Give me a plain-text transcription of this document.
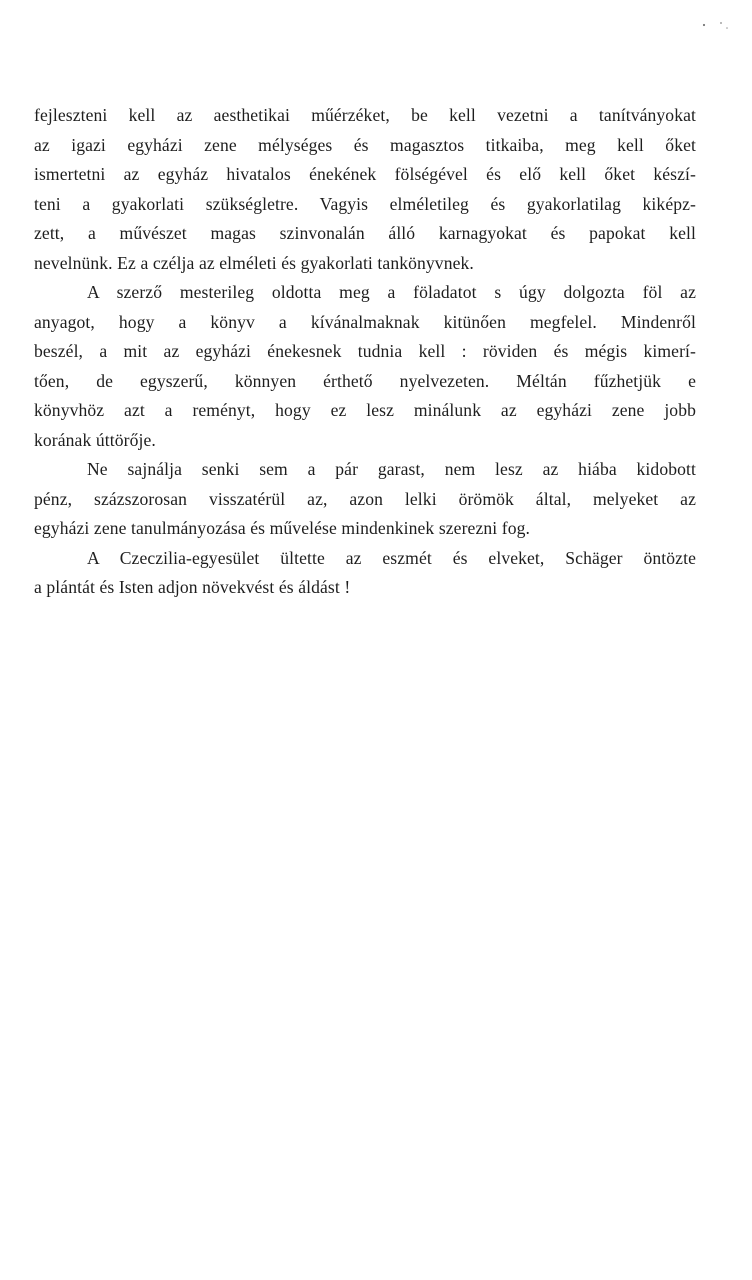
fejleszteni kell az aesthetikai műérzéket, be kell vezetni a tanítványokat
az igazi egyházi zene mélységes és magasztos titkaiba, meg kell őket
ismertetni az egyház hivatalos énekének fölségével és elő kell őket készí-
teni a gyakorlati szükségletre. Vagyis elméletileg és gyakorlatilag kiképz-
zett, a művészet magas szinvonalán álló karnagyokat és papokat kell
nevelnünk. Ez a czélja az elméleti és gyakorlati tankönyvnek.
A szerző mesterileg oldotta meg a föladatot s úgy dolgozta föl az
anyagot, hogy a könyv a kívánalmaknak kitünően megfelel. Mindenről
beszél, a mit az egyházi énekesnek tudnia kell : röviden és mégis kimerí-
tően, de egyszerű, könnyen érthető nyelvezeten. Méltán fűzhetjük e
könyvhöz azt a reményt, hogy ez lesz minálunk az egyházi zene jobb
korának úttörője.
Ne sajnálja senki sem a pár garast, nem lesz az hiába kidobott
pénz, százszorosan visszatérül az, azon lelki örömök által, melyeket az
egyházi zene tanulmányozása és művelése mindenkinek szerezni fog.
A Czeczilia-egyesület ültette az eszmét és elveket, Schäger öntözte
a plántát és Isten adjon növekvést és áldást !
